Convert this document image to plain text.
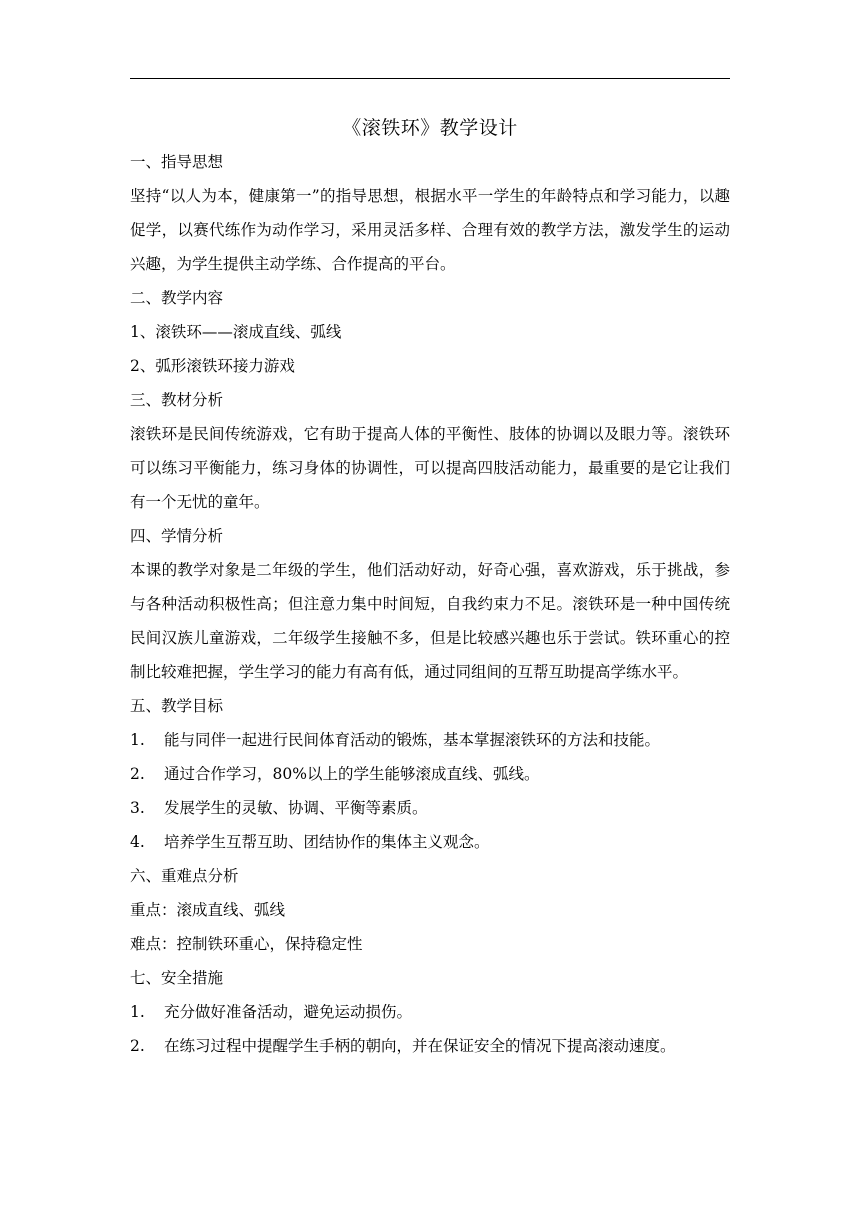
《滚铁环》教学设计
一、指导思想

坚持“以人为本，健康第一”的指导思想，根据水平一学生的年龄特点和学习能力，以趣促学，以赛代练作为动作学习，采用灵活多样、合理有效的教学方法，激发学生的运动兴趣，为学生提供主动学练、合作提高的平台。

二、教学内容
1、滚铁环——滚成直线、弧线
2、弧形滚铁环接力游戏
三、教材分析

滚铁环是民间传统游戏，它有助于提高人体的平衡性、肢体的协调以及眼力等。滚铁环可以练习平衡能力，练习身体的协调性，可以提高四肢活动能力，最重要的是它让我们有一个无忧的童年。

四、学情分析

本课的教学对象是二年级的学生，他们活动好动，好奇心强，喜欢游戏，乐于挑战，参与各种活动积极性高；但注意力集中时间短，自我约束力不足。滚铁环是一种中国传统民间汉族儿童游戏，二年级学生接触不多，但是比较感兴趣也乐于尝试。铁环重心的控制比较难把握，学生学习的能力有高有低，通过同组间的互帮互助提高学练水平。

五、教学目标
1.	能与同伴一起进行民间体育活动的锻炼，基本掌握滚铁环的方法和技能。
2.	通过合作学习，80%以上的学生能够滚成直线、弧线。
3.	发展学生的灵敏、协调、平衡等素质。
4.	培养学生互帮互助、团结协作的集体主义观念。
六、重难点分析
重点：滚成直线、弧线
难点：控制铁环重心，保持稳定性
七、安全措施
1.	充分做好准备活动，避免运动损伤。
2.	在练习过程中提醒学生手柄的朝向，并在保证安全的情况下提高滚动速度。
